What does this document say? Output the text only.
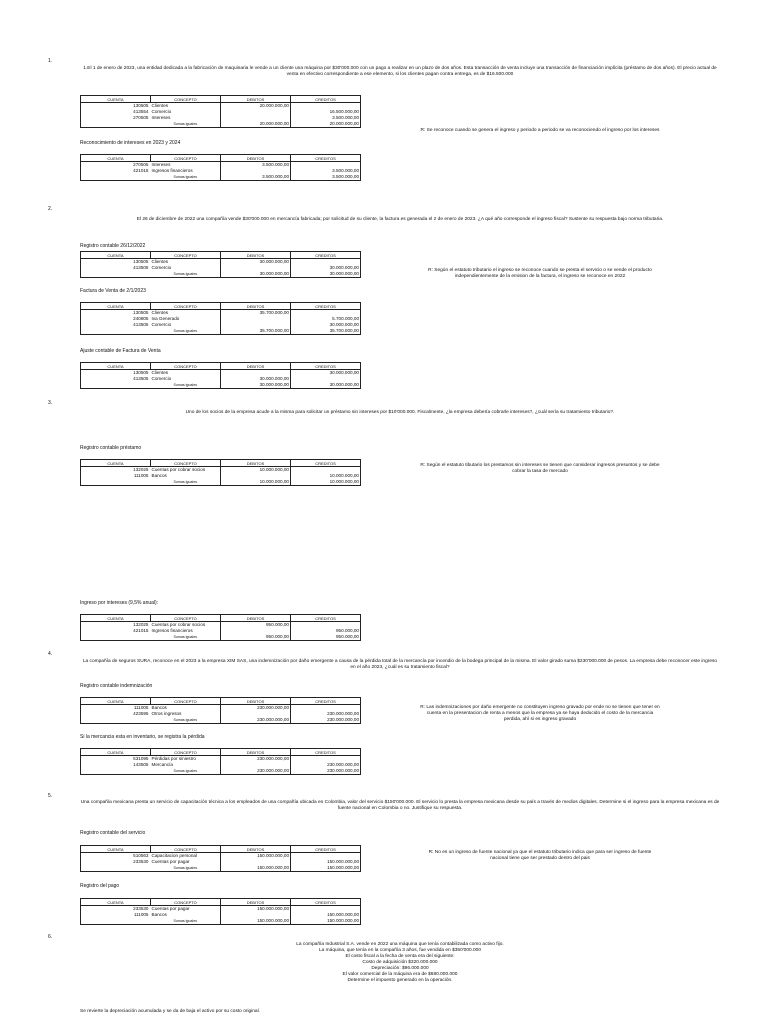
1.
1.El 1 de enero de 2023, una entidad dedicada a la fabricación de maquinaria le vende a un cliente una máquina por $30'000.000 con un pago a realizar en un plazo de dos años. Esta transacción de venta incluye una transacción de financiación implícita (préstamo de dos años). El precio actual de venta en efectivo correspondiente a ese elemento, si los clientes pagan contra entrega, es de $16.500.000
CUENTA	CONCEPTO	DEBITOS	CREDITOS
130505	Clientes	20.000.000,00	
413554	Comercio		16.500.000,00
270505	Intereses		3.500.000,00
	Sumas iguales	20.000.000,00	20.000.000,00
Reconocimiento de intereses en 2023 y 2024
CUENTA	CONCEPTO	DEBITOS	CREDITOS
270505	Intereses	3.500.000,00	
421015	Ingresos financieros		3.500.000,00
	Sumas iguales	3.500.000,00	3.500.000,00
R: Se reconoce cuando se genera el ingreso y periodo a periodo se va reconociendo el ingreso por los intereses
2.
El 26 de diciembre de 2022 una compañía vende $30'000.000 en mercancía fabricada; por solicitud de su cliente, la factura es generada el 2 de enero de 2023. ¿A qué año corresponde el ingreso fiscal? Sustente su respuesta bajo norma tributaria.
Registro contable 26/12/2022
CUENTA	CONCEPTO	DEBITOS	CREDITOS
130505	Clientes	30.000.000,00	
413505	Comercio		30.000.000,00
	Sumas iguales	30.000.000,00	30.000.000,00
R: Según el estatuto tributario el ingreso se reconoce cuando se presta el servicio o se vende el producto independientemente de la emision de la factura, el ingreso se reconoce en 2022
Factura de Venta de 2/1/2023
CUENTA	CONCEPTO	DEBITOS	CREDITOS
130505	Clientes	35.700.000,00	
240805	Iva Generado		5.700.000,00
413505	Comercio		30.000.000,00
	Sumas iguales	35.700.000,00	35.700.000,00
Ajuste contable de Factura de Venta
CUENTA	CONCEPTO	DEBITOS	CREDITOS
130505	Clientes		30.000.000,00
413505	Comercio	30.000.000,00	
	Sumas iguales	30.000.000,00	30.000.000,00
3.
Uno de los socios de la empresa acude a la misma para solicitar un préstamo sin intereses por $10'000.000. Fiscalmente, ¿la empresa debería cobrarle intereses?, ¿cuál sería su tratamiento tributario?.
Registro contable préstamo
CUENTA	CONCEPTO	DEBITOS	CREDITOS
132025	Cuentas por cobrar socios	10.000.000,00	
111005	Bancos		10.000.000,00
	Sumas iguales	10.000.000,00	10.000.000,00
R: Según el estatuto tibutario los prestamos sin intereses se tienen que considerar ingresos presuntos y se debe cobrar la tasa de mercado
Ingreso por intereses (9,5% anual):
CUENTA	CONCEPTO	DEBITOS	CREDITOS
132025	Cuentas por cobrar socios	950.000,00	
421015	Ingresos financieros		950.000,00
	Sumas iguales	950.000,00	950.000,00
4.
La compañía de seguros SURA, reconoce en el 2023 a la empresa XIM SAS, una indemnización por daño emergente a causa de la pérdida total de la mercancía por incendio de la bodega principal de la misma. El valor girado suma $230'000.000 de pesos. La empresa debe reconocer este ingreso en el año 2023, ¿cuál es su tratamiento fiscal?
Registro contable indemnización
CUENTA	CONCEPTO	DEBITOS	CREDITOS
111005	Bancos	230.000.000,00	
423595	Otros ingresos		230.000.000,00
	Sumas iguales	230.000.000,00	230.000.000,00
R: Las indemnizaciones por daño emergente no constituyen ingreso gravado por ende no se tienen que tener en cuenta en la presentacion de renta a menos que la empresa ya se haya deducido el costo de la mercancia perdida, ahí si es ingreso gravado
Si la mercancia esta en inventario, se registra la pérdida
CUENTA	CONCEPTO	DEBITOS	CREDITOS
531095	Pérdidas por siniestro	230.000.000,00	
143505	Mercancía		230.000.000,00
	Sumas iguales	230.000.000,00	230.000.000,00
5.
Una compañía mexicana presta un servicio de capacitación técnica a los empleados de una compañía ubicada en Colombia, valor del servicio $150'000.000. El servicio lo presta la empresa mexicana desde su país a través de medios digitales. Determine si el ingreso para la empresa mexicana es de fuente nacional en Colombia o no. Justifique su respuesta.
Registro contable del servicio
CUENTA	CONCEPTO	DEBITOS	CREDITOS
510563	Capacitacion personal	150.000.000,00	
233530	Cuentas por pagar		150.000.000,00
	Sumas iguales	150.000.000,00	150.000.000,00
R: No es un ingreso de fuente nacional ya que el estatuto tributario indica que para ser ingreso de fuente nacional tiene que ser prestado dentro del pais
Registro del pago
CUENTA	CONCEPTO	DEBITOS	CREDITOS
233530	Cuentas por pagar	150.000.000,00	
111005	Bancos		150.000.000,00
	Sumas iguales	150.000.000,00	150.000.000,00
6.
La compañía Industrial S.A. vende en 2022 una máquina que tenía contabilizada como activo fijo.
La máquina, que tenía en la compañía 3 años, fue vendida en $350'000.000
El costo fiscal a la fecha de venta era del siguiente:
Costo de adquisición $320.000.000
Depreciación: $96.000.000
El valor comercial de la máquina era de $680.000.000
Determine el impuesto generado en la operación.
Se revierte la depreciación acumulada y se da de baja el activo por su costo original.
